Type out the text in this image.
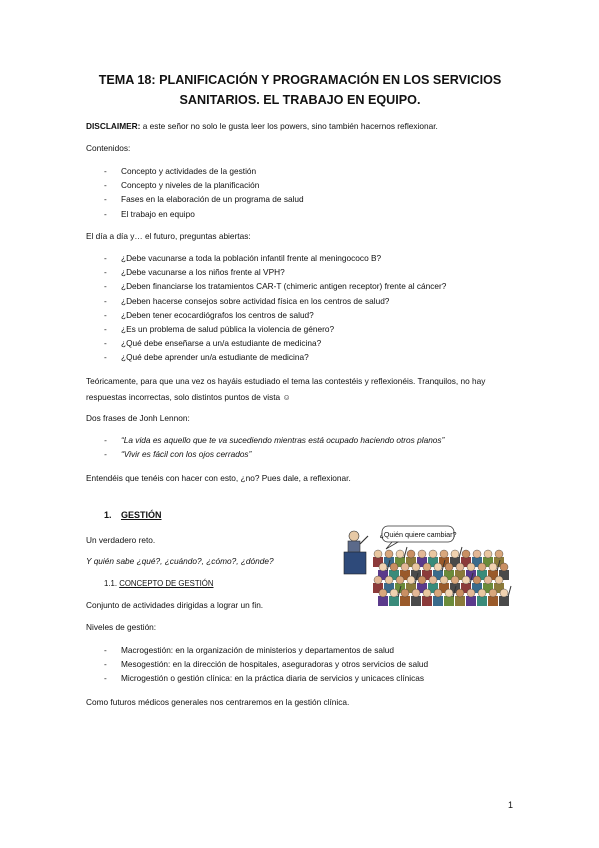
TEMA 18: PLANIFICACIÓN Y PROGRAMACIÓN EN LOS SERVICIOS
SANITARIOS. EL TRABAJO EN EQUIPO.
DISCLAIMER: a este señor no solo le gusta leer los powers, sino también hacernos reflexionar.
Contenidos:
- Concepto y actividades de la gestión
- Concepto y niveles de la planificación
- Fases en la elaboración de un programa de salud
- El trabajo en equipo
El día a día y… el futuro, preguntas abiertas:
- ¿Debe vacunarse a toda la población infantil frente al meningococo B?
- ¿Debe vacunarse a los niños frente al VPH?
- ¿Deben financiarse los tratamientos CAR-T (chimeric antigen receptor) frente al cáncer?
- ¿Deben hacerse consejos sobre actividad física en los centros de salud?
- ¿Deben tener ecocardiógrafos los centros de salud?
- ¿Es un problema de salud pública la violencia de género?
- ¿Qué debe enseñarse a un/a estudiante de medicina?
- ¿Qué debe aprender un/a estudiante de medicina?
Teóricamente, para que una vez os hayáis estudiado el tema las contestéis y reflexionéis. Tranquilos, no hay respuestas incorrectas, solo distintos puntos de vista ☺
Dos frases de Jonh Lennon:
- “La vida es aquello que te va sucediendo mientras está ocupado haciendo otros planos”
- “Vivir es fácil con los ojos cerrados”
Entendéis que tenéis con hacer con esto, ¿no? Pues dale, a reflexionar.
1. GESTIÓN
Un verdadero reto.
Y quién sabe ¿qué?, ¿cuándo?, ¿cómo?, ¿dónde?
¿Quién quiere cambiar?
1.1. CONCEPTO DE GESTIÓN
Conjunto de actividades dirigidas a lograr un fin.
Niveles de gestión:
- Macrogestión: en la organización de ministerios y departamentos de salud
- Mesogestión: en la dirección de hospitales, aseguradoras y otros servicios de salud
- Microgestión o gestión clínica: en la práctica diaria de servicios y unicaces clínicas
Como futuros médicos generales nos centraremos en la gestión clínica.
1
